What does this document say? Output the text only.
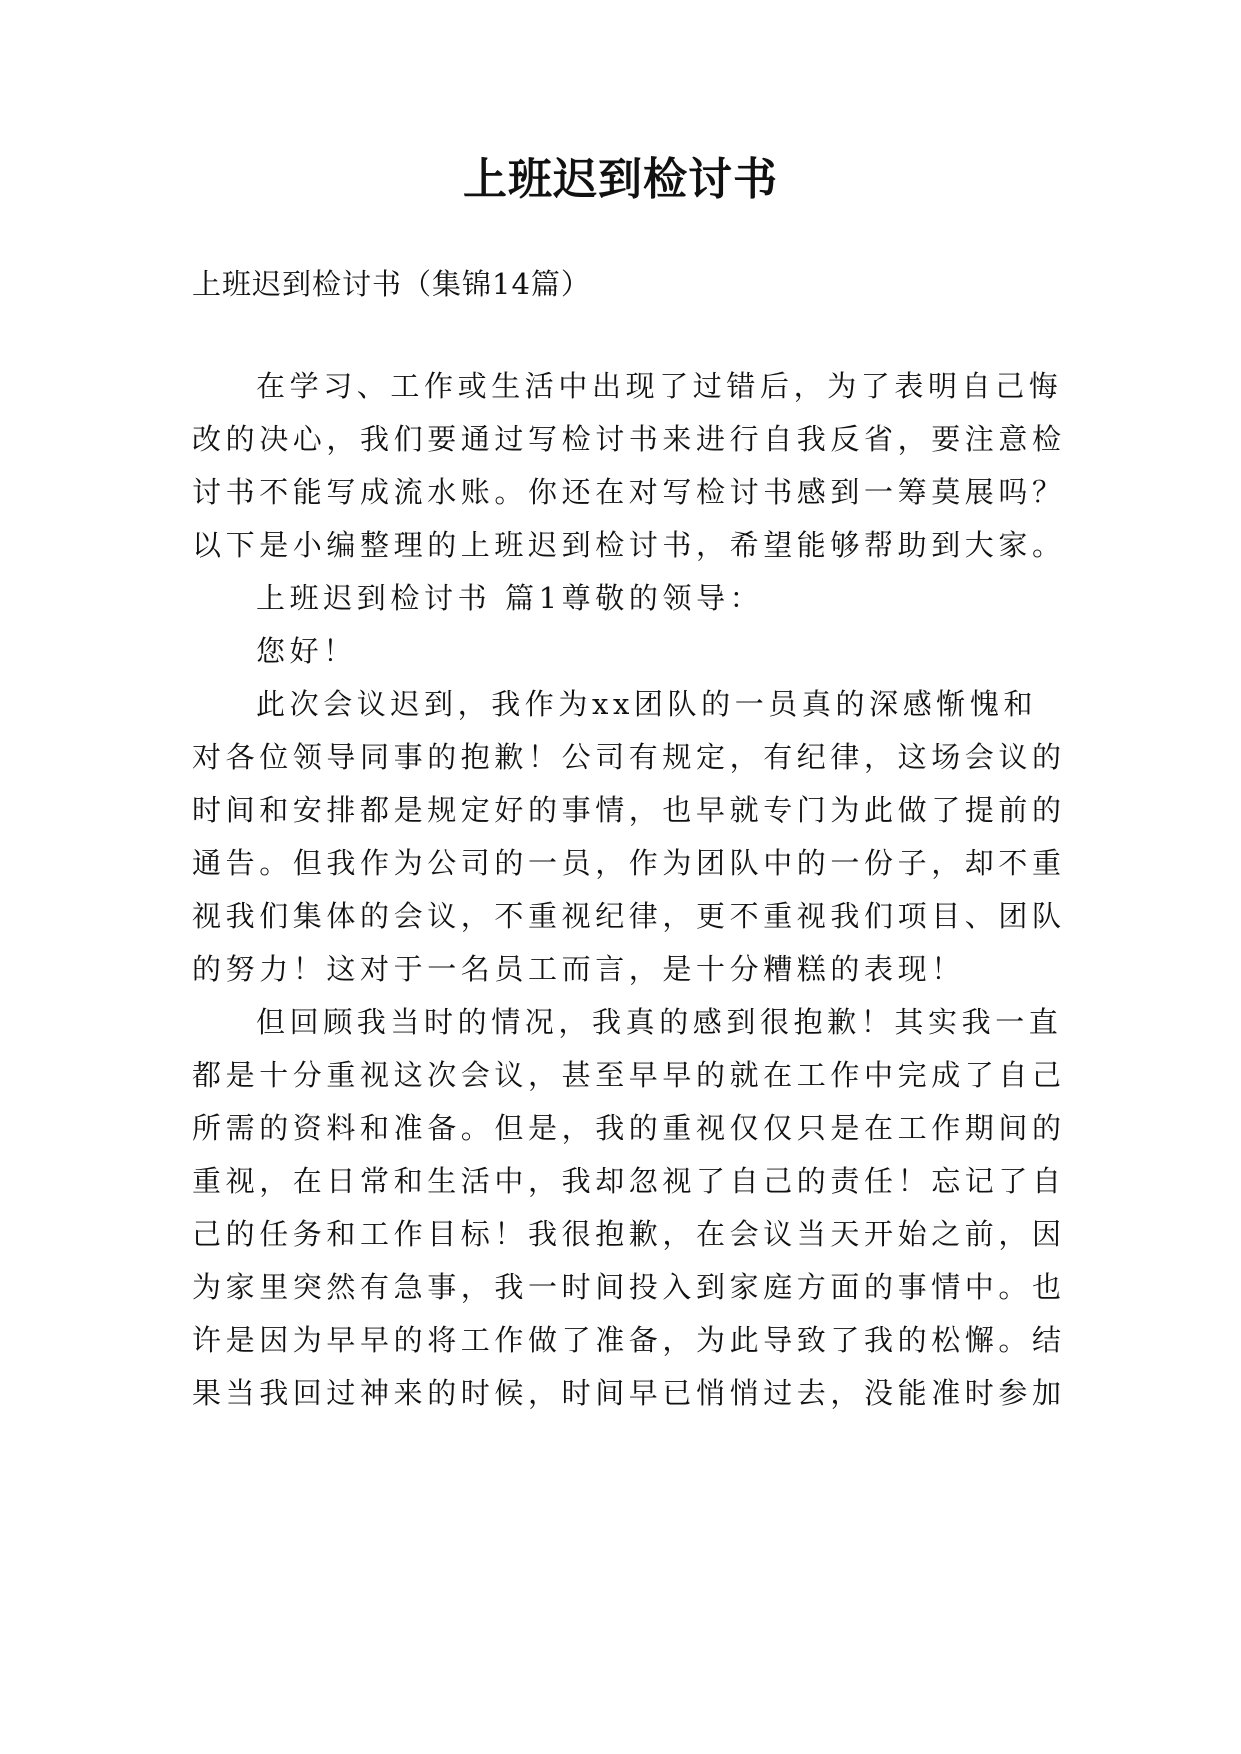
上班迟到检讨书
上班迟到检讨书（集锦14篇）
在学习、工作或生活中出现了过错后，为了表明自己悔
改的决心，我们要通过写检讨书来进行自我反省，要注意检
讨书不能写成流水账。你还在对写检讨书感到一筹莫展吗？
以下是小编整理的上班迟到检讨书，希望能够帮助到大家。
上班迟到检讨书 篇1尊敬的领导：
您好！
此次会议迟到，我作为xx团队的一员真的深感惭愧和
对各位领导同事的抱歉！公司有规定，有纪律，这场会议的
时间和安排都是规定好的事情，也早就专门为此做了提前的
通告。但我作为公司的一员，作为团队中的一份子，却不重
视我们集体的会议，不重视纪律，更不重视我们项目、团队
的努力！这对于一名员工而言，是十分糟糕的表现！
但回顾我当时的情况，我真的感到很抱歉！其实我一直
都是十分重视这次会议，甚至早早的就在工作中完成了自己
所需的资料和准备。但是，我的重视仅仅只是在工作期间的
重视，在日常和生活中，我却忽视了自己的责任！忘记了自
己的任务和工作目标！我很抱歉，在会议当天开始之前，因
为家里突然有急事，我一时间投入到家庭方面的事情中。也
许是因为早早的将工作做了准备，为此导致了我的松懈。结
果当我回过神来的时候，时间早已悄悄过去，没能准时参加
